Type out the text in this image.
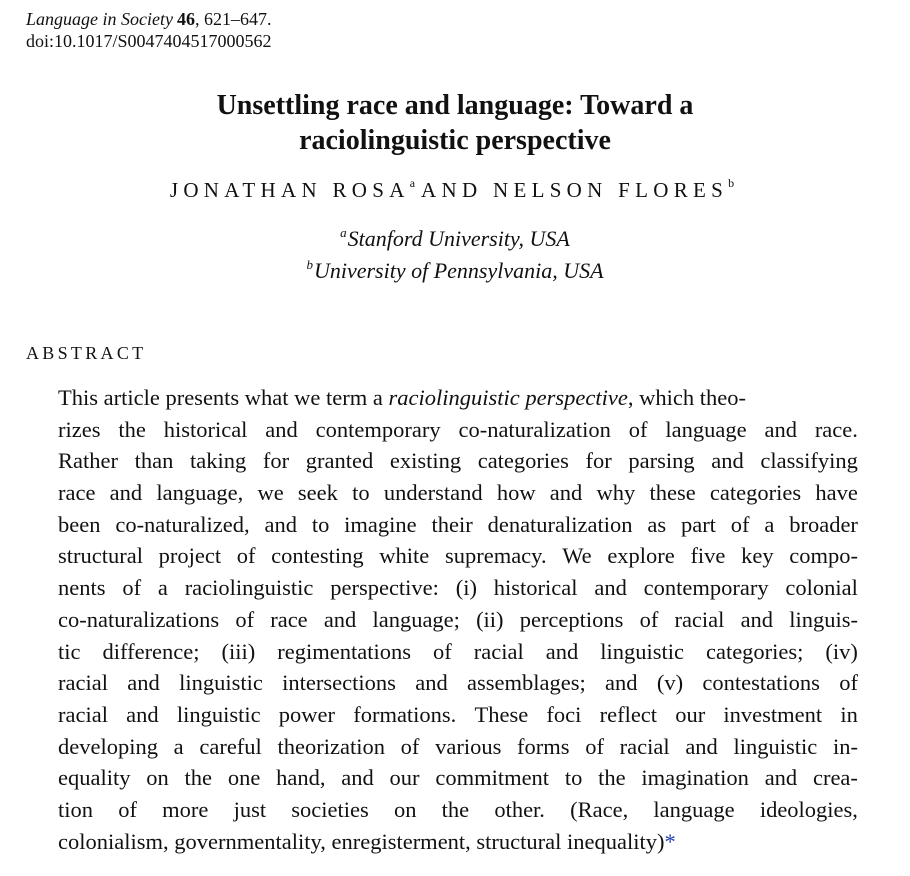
Language in Society 46, 621–647.
doi:10.1017/S0047404517000562
Unsettling race and language: Toward a
raciolinguistic perspective
JONATHAN ROSA$^a$ AND NELSON FLORES$^b$
$^a$Stanford University, USA
$^b$University of Pennsylvania, USA
ABSTRACT
This article presents what we term a raciolinguistic perspective, which theo-
rizes the historical and contemporary co-naturalization of language and race.
Rather than taking for granted existing categories for parsing and classifying
race and language, we seek to understand how and why these categories have
been co-naturalized, and to imagine their denaturalization as part of a broader
structural project of contesting white supremacy. We explore five key compo-
nents of a raciolinguistic perspective: (i) historical and contemporary colonial
co-naturalizations of race and language; (ii) perceptions of racial and linguis-
tic difference; (iii) regimentations of racial and linguistic categories; (iv)
racial and linguistic intersections and assemblages; and (v) contestations of
racial and linguistic power formations. These foci reflect our investment in
developing a careful theorization of various forms of racial and linguistic in-
equality on the one hand, and our commitment to the imagination and crea-
tion of more just societies on the other. (Race, language ideologies,
colonialism, governmentality, enregisterment, structural inequality)*
